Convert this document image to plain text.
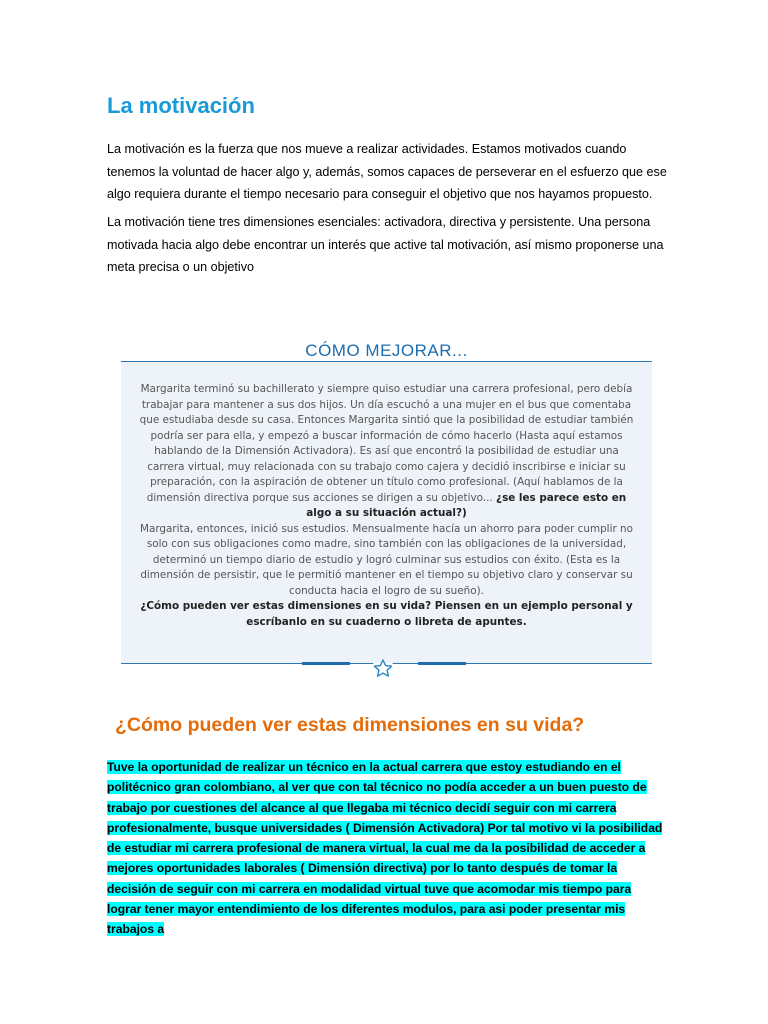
La motivación

La motivación es la fuerza que nos mueve a realizar actividades. Estamos motivados cuando tenemos la voluntad de hacer algo y, además, somos capaces de perseverar en el esfuerzo que ese algo requiera durante el tiempo necesario para conseguir el objetivo que nos hayamos propuesto.

La motivación tiene tres dimensiones esenciales: activadora, directiva y persistente. Una persona motivada hacia algo debe encontrar un interés que active tal motivación, así mismo proponerse una meta precisa o un objetivo

CÓMO MEJORAR...

Margarita terminó su bachillerato y siempre quiso estudiar una carrera profesional, pero debía trabajar para mantener a sus dos hijos. Un día escuchó a una mujer en el bus que comentaba que estudiaba desde su casa. Entonces Margarita sintió que la posibilidad de estudiar también podría ser para ella, y empezó a buscar información de cómo hacerlo (Hasta aquí estamos hablando de la Dimensión Activadora). Es así que encontró la posibilidad de estudiar una carrera virtual, muy relacionada con su trabajo como cajera y decidió inscribirse e iniciar su preparación, con la aspiración de obtener un título como profesional. (Aquí hablamos de la dimensión directiva porque sus acciones se dirigen a su objetivo... ¿se les parece esto en algo a su situación actual?)
Margarita, entonces, inició sus estudios. Mensualmente hacía un ahorro para poder cumplir no solo con sus obligaciones como madre, sino también con las obligaciones de la universidad, determinó un tiempo diario de estudio y logró culminar sus estudios con éxito. (Esta es la dimensión de persistir, que le permitió mantener en el tiempo su objetivo claro y conservar su conducta hacia el logro de su sueño).
¿Cómo pueden ver estas dimensiones en su vida? Piensen en un ejemplo personal y escríbanlo en su cuaderno o libreta de apuntes.

¿Cómo pueden ver estas dimensiones en su vida?

Tuve la oportunidad de realizar un técnico en la actual carrera que estoy estudiando en el politécnico gran colombiano, al ver que con tal técnico no podía acceder a un buen puesto de trabajo por cuestiones del alcance al que llegaba mi técnico decidí seguir con mi carrera profesionalmente, busque universidades ( Dimensión Activadora) Por tal motivo vi la posibilidad de estudiar mi carrera profesional de manera virtual, la cual me da la posibilidad de acceder a mejores oportunidades laborales ( Dimensión directiva) por lo tanto después de tomar la decisión de seguir con mi carrera en modalidad virtual tuve que acomodar mis tiempo para lograr tener mayor entendimiento de los diferentes modulos, para asi poder presentar mis trabajos a
